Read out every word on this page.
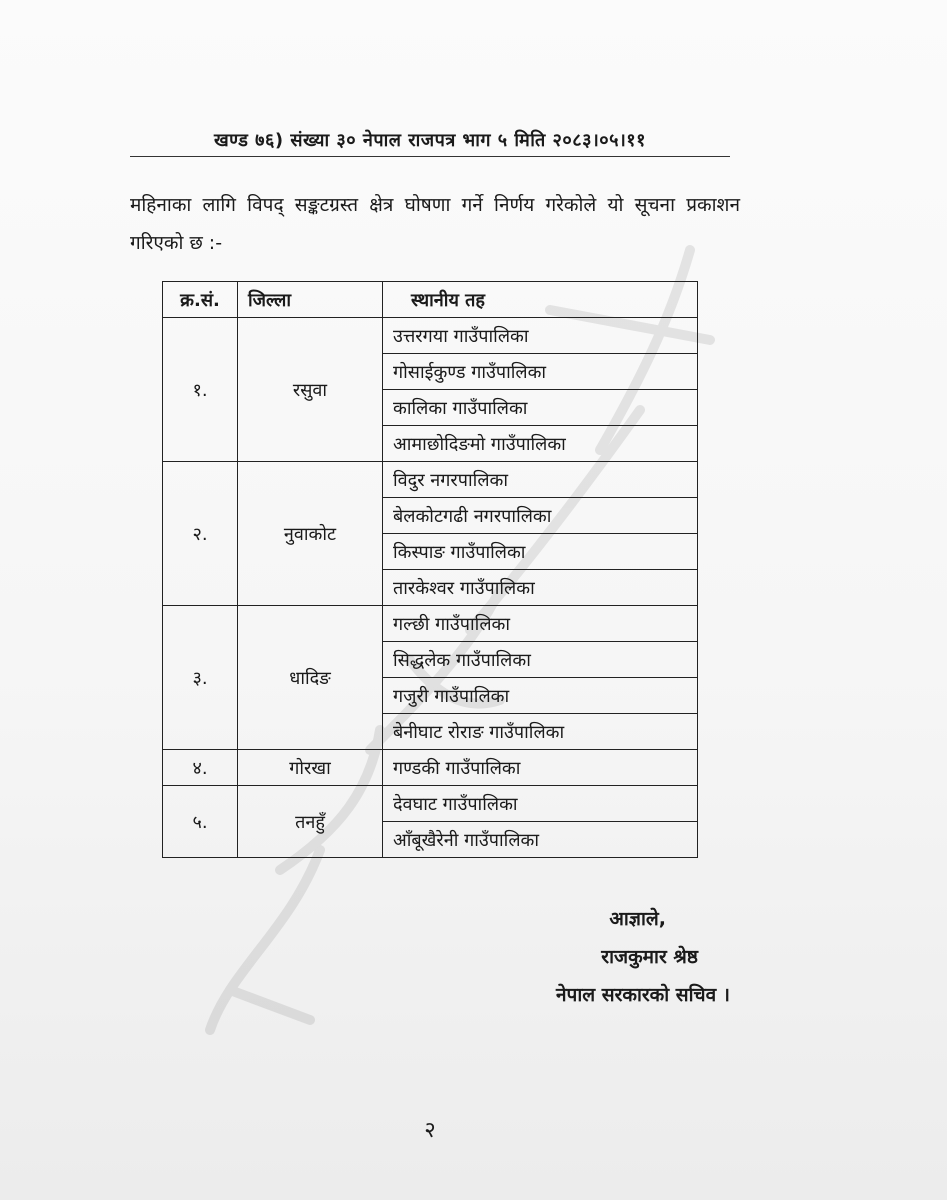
खण्ड ७६) संख्या ३० नेपाल राजपत्र भाग ५ मिति २०८३।०५।११
महिनाका लागि विपद् सङ्कटग्रस्त क्षेत्र घोषणा गर्ने निर्णय गरेकोले यो सूचना प्रकाशन गरिएको छ :-
क्र.सं.	जिल्ला	स्थानीय तह
१.	रसुवा	उत्तरगया गाउँपालिका
		गोसाईकुण्ड गाउँपालिका
		कालिका गाउँपालिका
		आमाछोदिङमो गाउँपालिका
२.	नुवाकोट	विदुर नगरपालिका
		बेलकोटगढी नगरपालिका
		किस्पाङ गाउँपालिका
		तारकेश्वर गाउँपालिका
३.	धादिङ	गल्छी गाउँपालिका
		सिद्धलेक गाउँपालिका
		गजुरी गाउँपालिका
		बेनीघाट रोराङ गाउँपालिका
४.	गोरखा	गण्डकी गाउँपालिका
५.	तनहुँ	देवघाट गाउँपालिका
		आँबूखैरेनी गाउँपालिका
आज्ञाले,
राजकुमार श्रेष्ठ
नेपाल सरकारको सचिव ।
२
